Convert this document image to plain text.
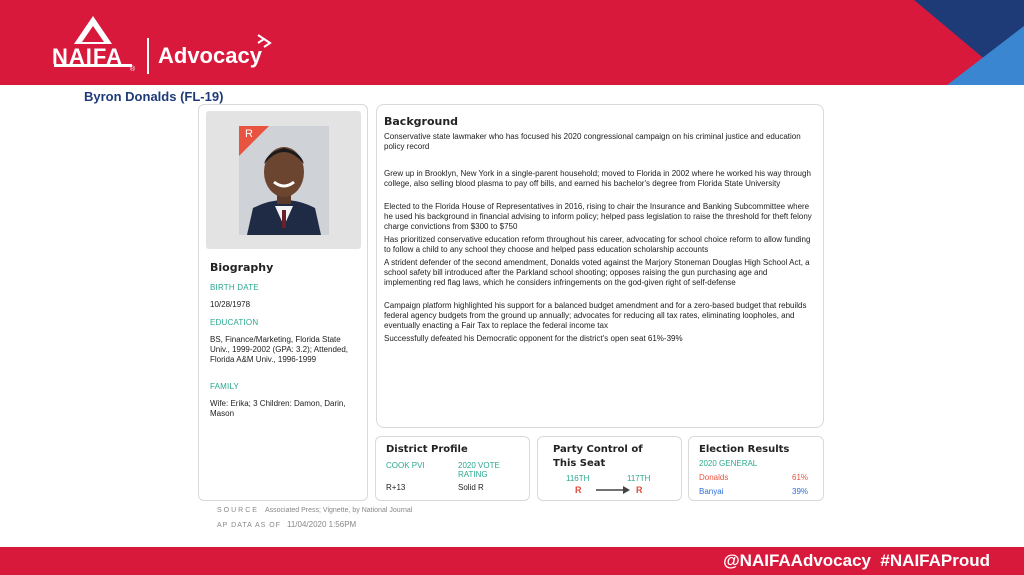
NAIFA
®
Advocacy
Byron Donalds (FL-19)
R
Biography
BIRTH DATE
10/28/1978
EDUCATION
BS, Finance/Marketing, Florida State Univ., 1999-2002 (GPA: 3.2); Attended, Florida A&M Univ., 1996-1999
FAMILY
Wife: Erika; 3 Children: Damon, Darin, Mason
Background
Conservative state lawmaker who has focused his 2020 congressional campaign on his criminal justice and education policy record
Grew up in Brooklyn, New York in a single-parent household; moved to Florida in 2002 where he worked his way through college, also selling blood plasma to pay off bills, and earned his bachelor's degree from Florida State University
Elected to the Florida House of Representatives in 2016, rising to chair the Insurance and Banking Subcommittee where he used his background in financial advising to inform policy; helped pass legislation to raise the threshold for theft felony charge convictions from $300 to $750
Has prioritized conservative education reform throughout his career, advocating for school choice reform to allow funding to follow a child to any school they choose and helped pass education scholarship accounts
A strident defender of the second amendment, Donalds voted against the Marjory Stoneman Douglas High School Act, a school safety bill introduced after the Parkland school shooting; opposes raising the gun purchasing age and implementing red flag laws, which he considers infringements on the god-given right of self-defense
Campaign platform highlighted his support for a balanced budget amendment and for a zero-based budget that rebuilds federal agency budgets from the ground up annually; advocates for reducing all tax rates, eliminating loopholes, and eventually enacting a Fair Tax to replace the federal income tax
Successfully defeated his Democratic opponent for the district's open seat 61%-39%
District Profile
COOK PVI	2020 VOTE RATING
R+13	Solid R
Party Control of This Seat
116TH	117TH
R	R
Election Results
2020 GENERAL
Donalds	61%
Banyai	39%
SOURCE Associated Press; Vignette, by National Journal
AP DATA AS OF 11/04/2020 1:56PM
@NAIFAAdvocacy  #NAIFAProud
